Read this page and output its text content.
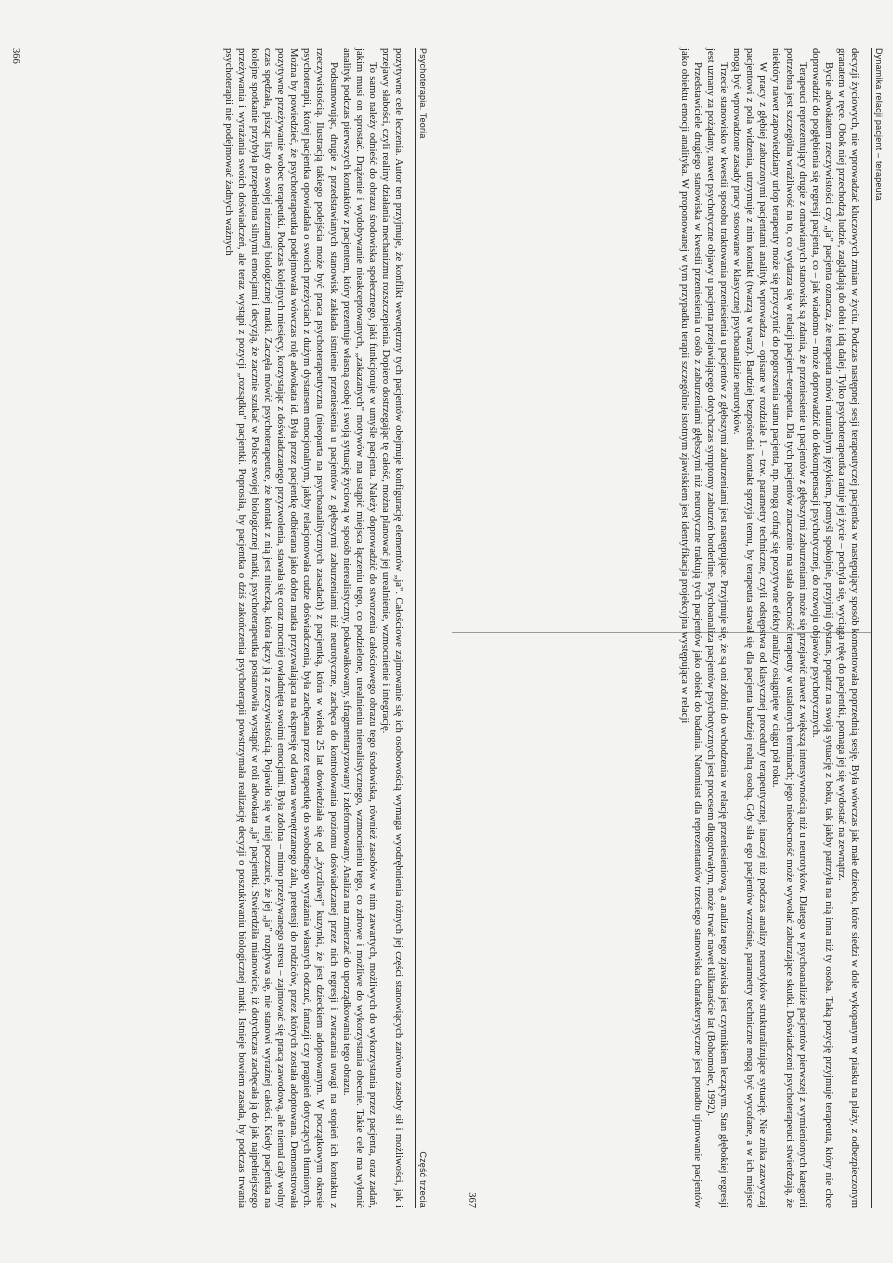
Psychoterapia. Teoria
Część trzecia

pozytywne cele leczenia. Autor ten przyjmuje, że konflikt wewnętrzny tych pacjentów obejmuje konfigurację elementów „ja". Całościowe zajmowanie się ich osobowością wymaga wyodrębnienia różnych jej części stanowiących zarówno zasoby sił i możliwości, jak i przejawy słabości, czyli realiny działania mechanizmu rozszczepienia. Dopiero dostrzegając tę całość, można planować jej urealnienie, wzmocnienie i integrację.

To samo należy odnieść do obrazu środowiska społecznego, jaki funkcjonuje w umyśle pacjenta. Należy doprowadzić do stworzenia całościowego obrazu tego środowiska, również zasobów w nim zawartych, możliwych do wykorzystania przez pacjenta, oraz zadań, jakim musi on sprostać. Drążenie i wydobywanie nieakceptowanych, „zakazanych" motywów ma ustąpić miejsca łączeniu tego, co podzielone, urealnieniu nierealistycznego, wzmocnieniu tego, co zdrowe i możliwe do wykorzystania obecnie. Takie cele ma wyłonić analityk podczas pierwszych kontaktów z pacjentem, który prezentuje własną osobę i swoją sytuację życiową w sposób nierealistyczny, pokawałkowany, sfragmentaryzowany i zdeformowany. Analiza ma zmierzać do uporządkowania tego obrazu.

Podsumowując, drugie z przedstawianych stanowisk zakłada istnienie przeniesienia u pacjentów z głębszymi zaburzeniami niż neurotyczne, zachęca do kontrolowania poziomu doświadczanej przez nich regresji i zwracania uwagi na stopień ich kontaktu z rzeczywistością. Ilustracją takiego podejścia może być praca psychoterapeutyczna (nieoparta na psychoanalitycznych zasadach) z pacjentką, która w wieku 25 lat dowiedziała się od „życzliwej" kuzynki, że jest dzieckiem adoptowanym. W początkowym okresie psychoterapii, której pacjentka opowiadała o swoich przeżyciach z dużym dystansem emocjonalnym, jakby relacjonowała cudze doświadczenia, była zachęcana przez terapeutkę do swobodnego wyrażania własnych odczuć, fantazji czy pragnień dotyczących tłumionych. Można by powiedzieć, że psychoterapeutka podejmowała wówczas rolę adwokata id. Była przez pacjentkę odbierana jako dobra matka przyzwalająca na ekspresję od dawna wewnętrzanego żalu, pretensji do rodziców, przez których została adoptowana. Demonstrowała pozytywne przeżywanie wobec terapeutki. Podczas kolejnych miesięcy, korzystając z doświadczanego przyzwolenia, stawała się coraz mocniej owładnięta swoimi emocjami. Była zdolna – mimo przeżywanego stresu – zajmować się pracą zawodową, ale niemal cały wolny czas spędzała, pisząc listy do swojej nieznanej biologicznej matki. Zaczęła mówić psychoterapeutce, że kontakt z nią jest niteczką, która łączy ją z rzeczywistością. Pojawiło się w niej poczucie, że jej „ja" rozpływa się, nie stanowi wyraźnej całości. Kiedy pacjentka na kolejne spotkanie przybyła przepełniona silnymi emocjami i decyzją, że zacznie szukać w Polsce swojej biologicznej matki, psychoterapeutka postanowiła wystąpić w roli adwokata „ja" pacjentki. Stwierdziła mianowicie, iż dotychczas zachęcała ją do jak najpełniejszego przeżywania i wyrażania swoich doświadczeń, ale teraz wystąpi z pozycji „rozsądku" pacjentki. Poprosiła, by pacjentka o dziś zakończenia psychoterapii powstrzymała realizację decyzji o poszukiwaniu biologicznej matki. Istnieje bowiem zasada, by podczas trwania psychoterapii nie podejmować żadnych ważnych

366	Dynamika relacji pacjent – terapeuta

decyzji życiowych, nie wprowadzać kluczowych zmian w życiu. Podczas następnej sesji terapeutyczej pacjentka w następujący sposób komentowała poprzednią sesję. Była wówczas jak małe dziecko, które siedzi w dole wykopanym w piasku na plaży, z odbezpieczonym granatem w ręce. Obok niej przechodzą ludzie, zaglądają do dołu i idą dalej. Tylko psychoterapeutka ratuje jej życie – pochyla się, wyciąga rękę do pacjentki, pomaga jej się wydostać na zewnątrz.

Bycie adwokatem rzeczywistości czy „ja" pacjenta oznacza, że terapeuta mówi naturalnym językiem, pomyśl spokojnie, przyjmij dystans, popatrz na swoją sytuację z boku, tak jakby patrzyła na nią inna niż ty osoba. Taką pozycję przyjmuje terapeuta, który nie chce doprowadzić do pogłębienia się regresji pacjenta, co – jak wiadomo – może doprowadzić do dekompensacji psychotycznej, do rozwoju objawów psychotycznych.

Terapeuci reprezentujący drugie z omawianych stanowisk są zdania, że przeniesienie u pacjentów z głębszymi zaburzeniami może się przejawić nawet z większą intensywnością niż u neurotyków. Dlatego w psychoanalizie pacjentów pierwszej z wymienionych kategorii potrzebna jest szczególna wrażliwość na to, co wydarza się w relacji pacjent–terapeuta. Dla tych pacjentów znaczenie ma stała obecność terapeuty w ustalonych terminach; jego nieobecność może wywołać zaburzające skutki. Doświadczeni psychoterapeuci stwierdzają, że niektóry nawet zapowiedziany urlop terapeuty może się przyczynić do pogorszenia stanu pacjenta, np. mogą cofnąć się pozytywne efekty analizy osiągnięte w ciągu pół roku.

W pracy z głębiej zaburzonymi pacjentami analityk wprowadza – opisane w rozdziale 1. – tzw. parametry techniczne, czyli odstępstwa od klasycznej procedury terapeutycznej, inaczej niż podczas analizy neurotyków strukturalizujące sytuację. Nie znika zazwyczaj pacjentowi z pola widzenia, utrzymuje z nim kontakt (twarzą w twarz). Bardziej bezpośredni kontakt sprzyja temu, by terapeuta stawał się dla pacjenta bardziej realną osobą. Gdy siła ego pacjentów wzrośnie, parametry techniczne mogą być wycofane, a w ich miejsce mogą być wprowadzone zasady pracy stosowane w klasycznej psychoanalizie neurotyków.

Trzecie stanowisko w kwestii sposobu traktowania przeniesienia u pacjentów z głębszymi zaburzeniami jest następujące. Przyjmuje się, że są oni zdolni do wchodzenia w relację przeniesieniową, a analiza tego zjawiska jest czynnikiem leczącym. Stan głębokiej regresji jest uznany za pożądany, nawet psychotyczne objawy u pacjenta przejawiającego dotychczas symptomy zaburzeń borderline. Psychoanaliza pacjentów psychotycznych jest procesem długotrwałym, może trwać nawet kilkanaście lat (Bohomolec, 1992).

Przedstawiciele drugiego stanowiska w kwestii przeniesienia u osób z zaburzeniami głębszymi niż neurotyczne traktują tych pacjentów jako obiekt do badania. Natomiast dla reprezentantów trzeciego stanowiska charakterystyczne jest ponadto ujmowanie pacjentów jako obiektu emocji analityka. W proponowanej w tym przypadku terapii szczególnie istotnym zjawiskiem jest identyfikacja projekcyjna występująca w relacji

367
